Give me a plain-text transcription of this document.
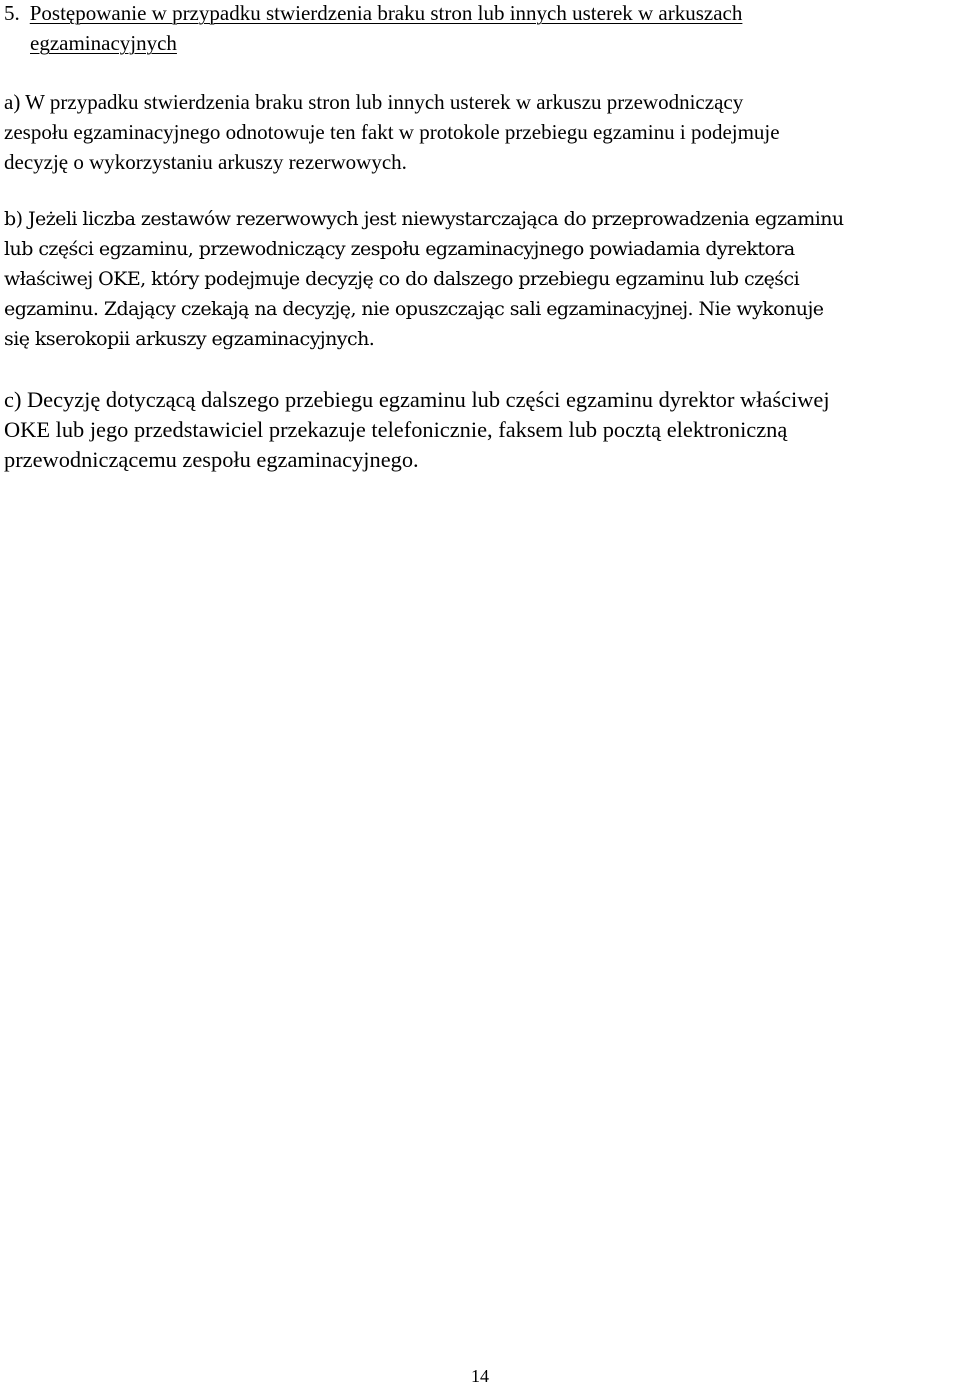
5. Postępowanie w przypadku stwierdzenia braku stron lub innych usterek w arkuszach
egzaminacyjnych

a) W przypadku stwierdzenia braku stron lub innych usterek w arkuszu przewodniczący
zespołu egzaminacyjnego odnotowuje ten fakt w protokole przebiegu egzaminu i podejmuje
decyzję o wykorzystaniu arkuszy rezerwowych.

b) Jeżeli liczba zestawów rezerwowych jest niewystarczająca do przeprowadzenia egzaminu
lub części egzaminu, przewodniczący zespołu egzaminacyjnego powiadamia dyrektora
właściwej OKE, który podejmuje decyzję co do dalszego przebiegu egzaminu lub części
egzaminu. Zdający czekają na decyzję, nie opuszczając sali egzaminacyjnej. Nie wykonuje
się kserokopii arkuszy egzaminacyjnych.

c) Decyzję dotyczącą dalszego przebiegu egzaminu lub części egzaminu dyrektor właściwej
OKE lub jego przedstawiciel przekazuje telefonicznie, faksem lub pocztą elektroniczną
przewodniczącemu zespołu egzaminacyjnego.

14
